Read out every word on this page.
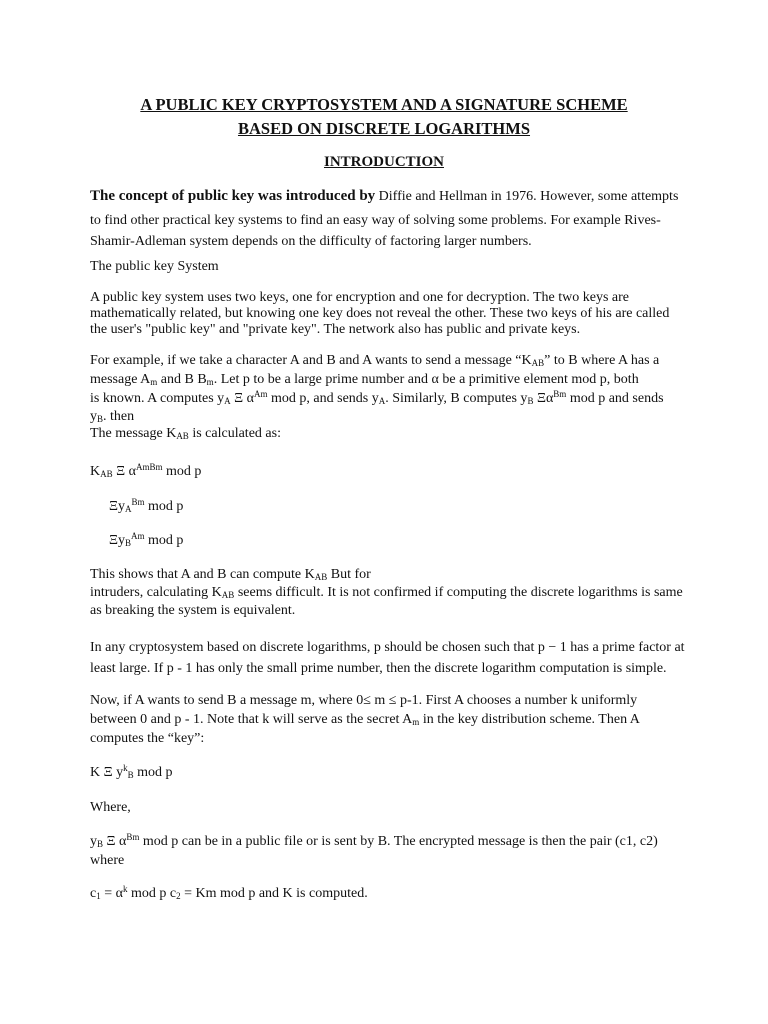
A PUBLIC KEY CRYPTOSYSTEM AND A SIGNATURE SCHEME
BASED ON DISCRETE LOGARITHMS
INTRODUCTION

The concept of public key was introduced by Diffie and Hellman in 1976. However, some attempts
to find other practical key systems to find an easy way of solving some problems. For example Rives-
Shamir-Adleman system depends on the difficulty of factoring larger numbers.

The public key System

A public key system uses two keys, one for encryption and one for decryption. The two keys are
mathematically related, but knowing one key does not reveal the other. These two keys of his are called
the user's "public key" and "private key". The network also has public and private keys.

For example, if we take a character A and B and A wants to send a message “$K_{AB}$” to B where A has a
message $A_m$ and B $B_m$. Let p to be a large prime number and α be a primitive element mod p, both
is known. A computes $y_A$ Ξ $\alpha^{Am}$ mod p, and sends $y_A$. Similarly, B computes $y_B$ $\Xi\alpha^{Bm}$ mod p and sends
$y_B$. then
The message $K_{AB}$ is calculated as:

$K_{AB}$ Ξ $\alpha^{AmBm}$ mod p

$\Xi y_A^{Bm}$ mod p

$\Xi y_B^{Am}$ mod p

This shows that A and B can compute $K_{AB}$ But for
intruders, calculating $K_{AB}$ seems difficult. It is not confirmed if computing the discrete logarithms is same
as breaking the system is equivalent.

In any cryptosystem based on discrete logarithms, p should be chosen such that p − 1 has a prime factor at
least large. If p - 1 has only the small prime number, then the discrete logarithm computation is simple.

Now, if A wants to send B a message m, where 0≤ m ≤ p-1. First A chooses a number k uniformly
between 0 and p - 1. Note that k will serve as the secret $A_m$ in the key distribution scheme. Then A
computes the “key”:

K Ξ $y^k_B$ mod p

Where,

$y_B$ Ξ $\alpha^{Bm}$ mod p can be in a public file or is sent by B. The encrypted message is then the pair (c1, c2)
where

$c_1 = \alpha^k$ mod p $c_2 = Km$ mod p and K is computed.
